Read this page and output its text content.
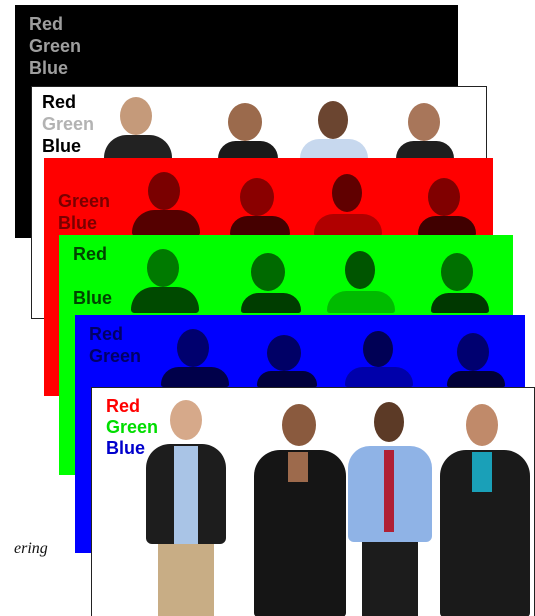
Red
Green
Blue
Red
Green
Blue
Green
Blue
Red
Blue
Red
Green
Red
Green
Blue
ering
